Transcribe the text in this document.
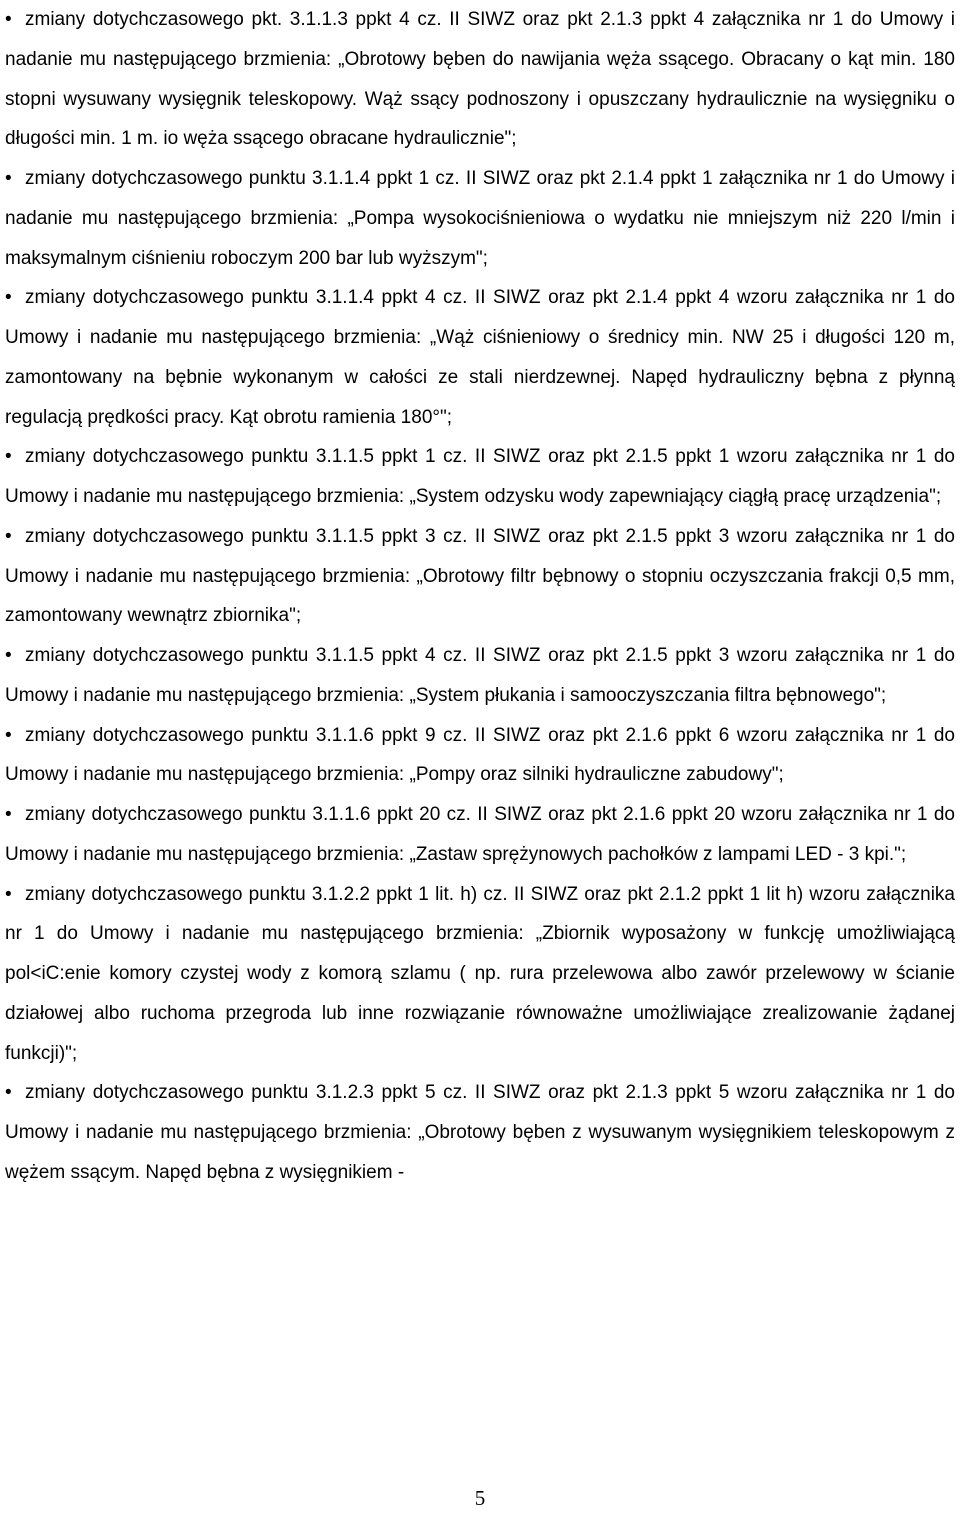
• zmiany dotychczasowego pkt. 3.1.1.3 ppkt 4 cz. II SIWZ oraz pkt 2.1.3 ppkt 4 załącznika nr 1 do Umowy i nadanie mu następującego brzmienia: „Obrotowy bęben do nawijania węża ssącego. Obracany o kąt min. 180 stopni wysuwany wysięgnik teleskopowy. Wąż ssący podnoszony i opuszczany hydraulicznie na wysięgniku o długości min. 1 m. io węża ssącego obracane hydraulicznie";

• zmiany dotychczasowego punktu 3.1.1.4 ppkt 1 cz. II SIWZ oraz pkt 2.1.4 ppkt 1 załącznika nr 1 do Umowy i nadanie mu następującego brzmienia: „Pompa wysokociśnieniowa o wydatku nie mniejszym niż 220 l/min i maksymalnym ciśnieniu roboczym 200 bar lub wyższym";

• zmiany dotychczasowego punktu 3.1.1.4 ppkt 4 cz. II SIWZ oraz pkt 2.1.4 ppkt 4 wzoru załącznika nr 1 do Umowy i nadanie mu następującego brzmienia: „Wąż ciśnieniowy o średnicy min. NW 25 i długości 120 m, zamontowany na bębnie wykonanym w całości ze stali nierdzewnej. Napęd hydrauliczny bębna z płynną regulacją prędkości pracy. Kąt obrotu ramienia 180°";

• zmiany dotychczasowego punktu 3.1.1.5 ppkt 1 cz. II SIWZ oraz pkt 2.1.5 ppkt 1 wzoru załącznika nr 1 do Umowy i nadanie mu następującego brzmienia: „System odzysku wody zapewniający ciągłą pracę urządzenia";

• zmiany dotychczasowego punktu 3.1.1.5 ppkt 3 cz. II SIWZ oraz pkt 2.1.5 ppkt 3 wzoru załącznika nr 1 do Umowy i nadanie mu następującego brzmienia: „Obrotowy filtr bębnowy o stopniu oczyszczania frakcji 0,5 mm, zamontowany wewnątrz zbiornika";

• zmiany dotychczasowego punktu 3.1.1.5 ppkt 4 cz. II SIWZ oraz pkt 2.1.5 ppkt 3 wzoru załącznika nr 1 do Umowy i nadanie mu następującego brzmienia: „System płukania i samooczyszczania filtra bębnowego";

• zmiany dotychczasowego punktu 3.1.1.6 ppkt 9 cz. II SIWZ oraz pkt 2.1.6 ppkt 6 wzoru załącznika nr 1 do Umowy i nadanie mu następującego brzmienia: „Pompy oraz silniki hydrauliczne zabudowy";

• zmiany dotychczasowego punktu 3.1.1.6 ppkt 20 cz. II SIWZ oraz pkt 2.1.6 ppkt 20 wzoru załącznika nr 1 do Umowy i nadanie mu następującego brzmienia: „Zastaw sprężynowych pachołków z lampami LED - 3 kpi.";

• zmiany dotychczasowego punktu 3.1.2.2 ppkt 1 lit. h) cz. II SIWZ oraz pkt 2.1.2 ppkt 1 lit h) wzoru załącznika nr 1 do Umowy i nadanie mu następującego brzmienia: „Zbiornik wyposażony w funkcję umożliwiającą pol<iC:enie komory czystej wody z komorą szlamu ( np. rura przelewowa albo zawór przelewowy w ścianie działowej albo ruchoma przegroda lub inne rozwiązanie równoważne umożliwiające zrealizowanie żądanej funkcji)";

• zmiany dotychczasowego punktu 3.1.2.3 ppkt 5 cz. II SIWZ oraz pkt 2.1.3 ppkt 5 wzoru załącznika nr 1 do Umowy i nadanie mu następującego brzmienia: „Obrotowy bęben z wysuwanym wysięgnikiem teleskopowym z wężem ssącym. Napęd bębna z wysięgnikiem -

5
